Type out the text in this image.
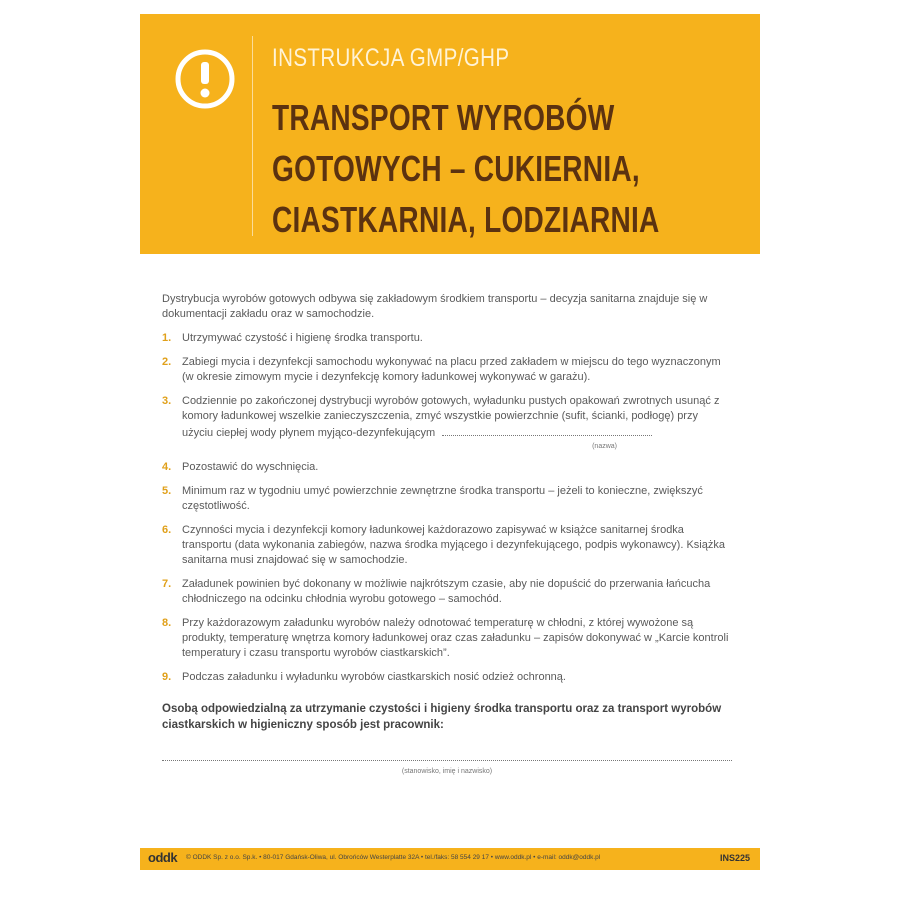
INSTRUKCJA GMP/GHP
TRANSPORT WYROBÓW
GOTOWYCH – CUKIERNIA,
CIASTKARNIA, LODZIARNIA

Dystrybucja wyrobów gotowych odbywa się zakładowym środkiem transportu – decyzja sanitarna znajduje się w dokumentacji zakładu oraz w samochodzie.

1. Utrzymywać czystość i higienę środka transportu.
2. Zabiegi mycia i dezynfekcji samochodu wykonywać na placu przed zakładem w miejscu do tego wyznaczonym (w okresie zimowym mycie i dezynfekcję komory ładunkowej wykonywać w garażu).
3. Codziennie po zakończonej dystrybucji wyrobów gotowych, wyładunku pustych opakowań zwrotnych usunąć z komory ładunkowej wszelkie zanieczyszczenia, zmyć wszystkie powierzchnie (sufit, ścianki, podłogę) przy użyciu ciepłej wody płynem myjąco-dezynfekującym
(nazwa)
4. Pozostawić do wyschnięcia.
5. Minimum raz w tygodniu umyć powierzchnie zewnętrzne środka transportu – jeżeli to konieczne, zwiększyć częstotliwość.
6. Czynności mycia i dezynfekcji komory ładunkowej każdorazowo zapisywać w książce sanitarnej środka transportu (data wykonania zabiegów, nazwa środka myjącego i dezynfekującego, podpis wykonawcy). Książka sanitarna musi znajdować się w samochodzie.
7. Załadunek powinien być dokonany w możliwie najkrótszym czasie, aby nie dopuścić do przerwania łańcucha chłodniczego na odcinku chłodnia wyrobu gotowego – samochód.
8. Przy każdorazowym załadunku wyrobów należy odnotować temperaturę w chłodni, z której wywożone są produkty, temperaturę wnętrza komory ładunkowej oraz czas załadunku – zapisów dokonywać w „Karcie kontroli temperatury i czasu transportu wyrobów ciastkarskich”.
9. Podczas załadunku i wyładunku wyrobów ciastkarskich nosić odzież ochronną.
Osobą odpowiedzialną za utrzymanie czystości i higieny środka transportu oraz za transport wyrobów ciastkarskich w higieniczny sposób jest pracownik:
(stanowisko, imię i nazwisko)
oddk © ODDK Sp. z o.o. Sp.k. • 80-017 Gdańsk-Oliwa, ul. Obrońców Westerplatte 32A • tel./faks: 58 554 29 17 • www.oddk.pl • e-mail: oddk@oddk.pl	INS225
